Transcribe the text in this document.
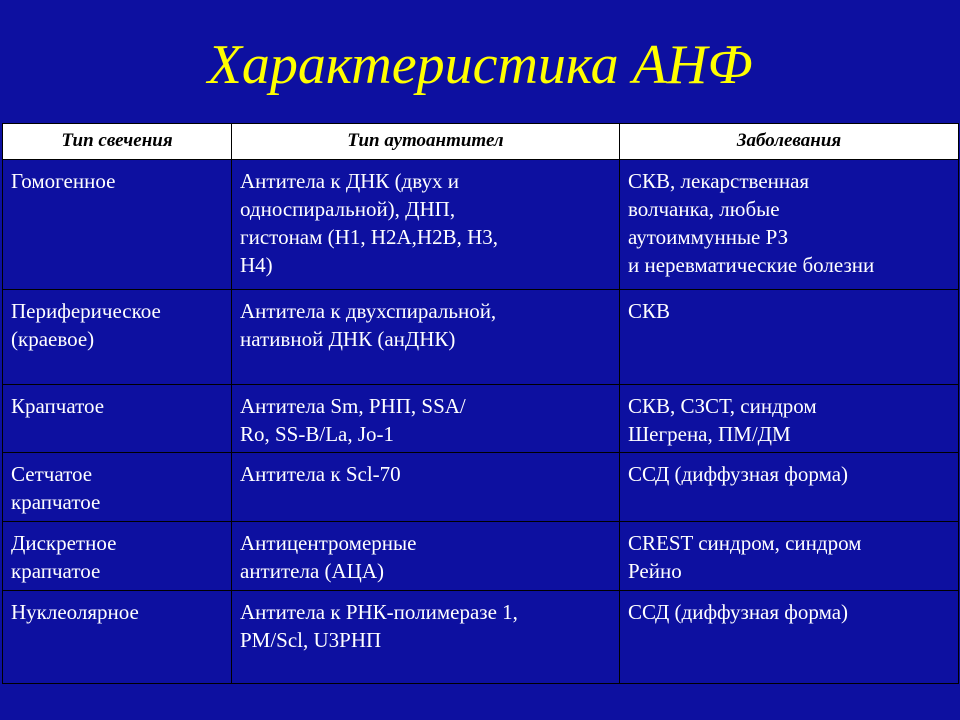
Характеристика АНФ
Тип свечения	Тип аутоантител	Заболевания

Гомогенное	Антитела к ДНК (двух и
односпиральной), ДНП,
гистонам (Н1, Н2А,Н2В, Н3,
Н4)	СКВ, лекарственная
волчанка, любые
аутоиммунные РЗ
и неревматические болезни

Периферическое
(краевое)	Антитела к двухспиральной,
нативной ДНК (анДНК)	СКВ

Крапчатое	Антитела Sm, РНП, SSA/
Ro, SS-B/La, Jo-1	СКВ, СЗСТ, синдром
Шегрена, ПМ/ДМ

Сетчатое
крапчатое	Антитела к Scl-70	ССД (диффузная форма)

Дискретное
крапчатое	Антицентромерные
антитела (АЦА)	CREST синдром, синдром
Рейно

Нуклеолярное	Антитела к РНК-полимеразе 1,
PM/Scl, U3РНП	ССД (диффузная форма)
